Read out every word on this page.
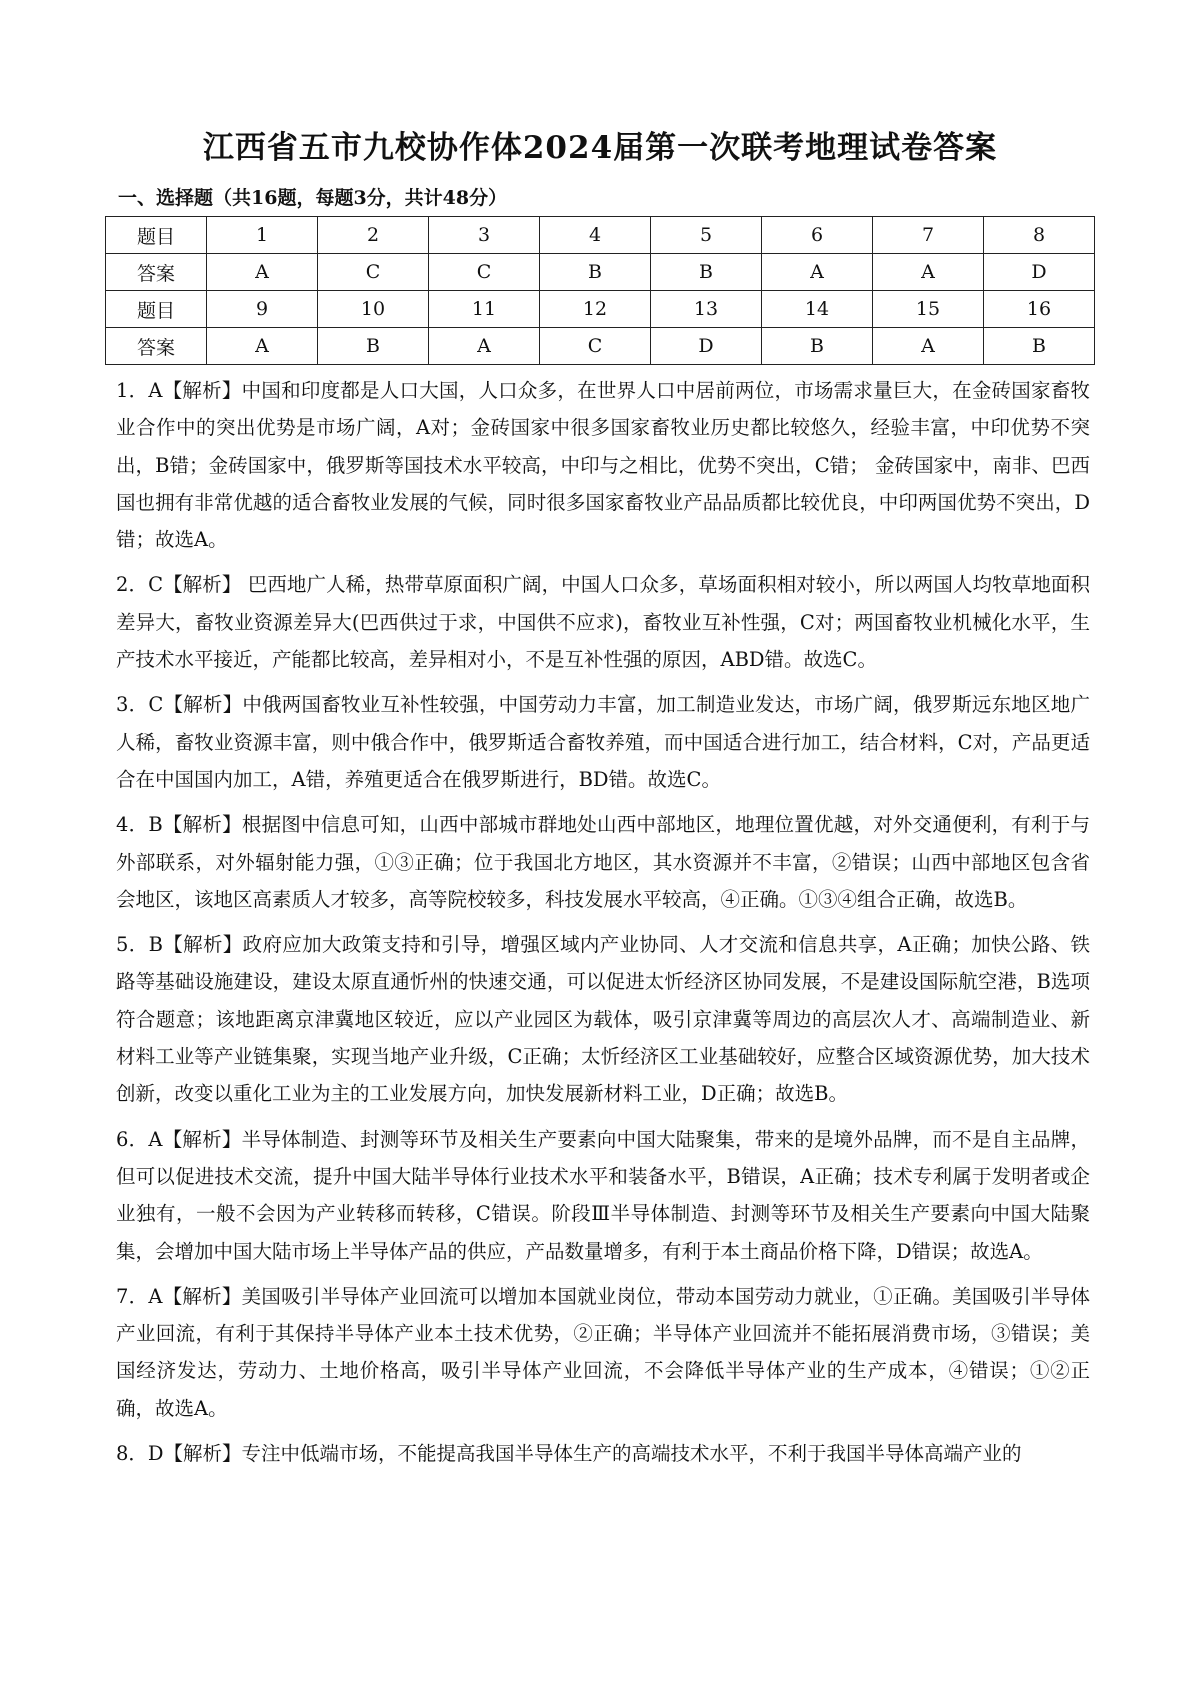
江西省五市九校协作体2024届第一次联考地理试卷答案
一、选择题（共16题，每题3分，共计48分）
题目	1	2	3	4	5	6	7	8
答案	A	C	C	B	B	A	A	D
题目	9	10	11	12	13	14	15	16
答案	A	B	A	C	D	B	A	B

1．A【解析】中国和印度都是人口大国，人口众多，在世界人口中居前两位，市场需求量巨大，在金砖国家畜牧业合作中的突出优势是市场广阔，A对；金砖国家中很多国家畜牧业历史都比较悠久，经验丰富，中印优势不突出，B错；金砖国家中，俄罗斯等国技术水平较高，中印与之相比，优势不突出，C错； 金砖国家中，南非、巴西国也拥有非常优越的适合畜牧业发展的气候，同时很多国家畜牧业产品品质都比较优良，中印两国优势不突出，D错；故选A。

2．C【解析】 巴西地广人稀，热带草原面积广阔，中国人口众多，草场面积相对较小，所以两国人均牧草地面积差异大，畜牧业资源差异大(巴西供过于求，中国供不应求)，畜牧业互补性强，C对；两国畜牧业机械化水平，生产技术水平接近，产能都比较高，差异相对小，不是互补性强的原因，ABD错。故选C。

3．C【解析】中俄两国畜牧业互补性较强，中国劳动力丰富，加工制造业发达，市场广阔，俄罗斯远东地区地广人稀，畜牧业资源丰富，则中俄合作中，俄罗斯适合畜牧养殖，而中国适合进行加工，结合材料，C对，产品更适合在中国国内加工，A错，养殖更适合在俄罗斯进行，BD错。故选C。

4．B【解析】根据图中信息可知，山西中部城市群地处山西中部地区，地理位置优越，对外交通便利，有利于与外部联系，对外辐射能力强，①③正确；位于我国北方地区，其水资源并不丰富，②错误；山西中部地区包含省会地区，该地区高素质人才较多，高等院校较多，科技发展水平较高，④正确。①③④组合正确，故选B。

5．B【解析】政府应加大政策支持和引导，增强区域内产业协同、人才交流和信息共享，A正确；加快公路、铁路等基础设施建设，建设太原直通忻州的快速交通，可以促进太忻经济区协同发展，不是建设国际航空港，B选项符合题意；该地距离京津冀地区较近，应以产业园区为载体，吸引京津冀等周边的高层次人才、高端制造业、新材料工业等产业链集聚，实现当地产业升级，C正确；太忻经济区工业基础较好，应整合区域资源优势，加大技术创新，改变以重化工业为主的工业发展方向，加快发展新材料工业，D正确；故选B。

6．A【解析】半导体制造、封测等环节及相关生产要素向中国大陆聚集，带来的是境外品牌，而不是自主品牌，但可以促进技术交流，提升中国大陆半导体行业技术水平和装备水平，B错误，A正确；技术专利属于发明者或企业独有，一般不会因为产业转移而转移，C错误。阶段Ⅲ半导体制造、封测等环节及相关生产要素向中国大陆聚集，会增加中国大陆市场上半导体产品的供应，产品数量增多，有利于本土商品价格下降，D错误；故选A。

7．A【解析】美国吸引半导体产业回流可以增加本国就业岗位，带动本国劳动力就业，①正确。美国吸引半导体产业回流，有利于其保持半导体产业本土技术优势，②正确；半导体产业回流并不能拓展消费市场，③错误；美国经济发达，劳动力、土地价格高，吸引半导体产业回流，不会降低半导体产业的生产成本，④错误；①②正确，故选A。

8．D【解析】专注中低端市场，不能提高我国半导体生产的高端技术水平，不利于我国半导体高端产业的
